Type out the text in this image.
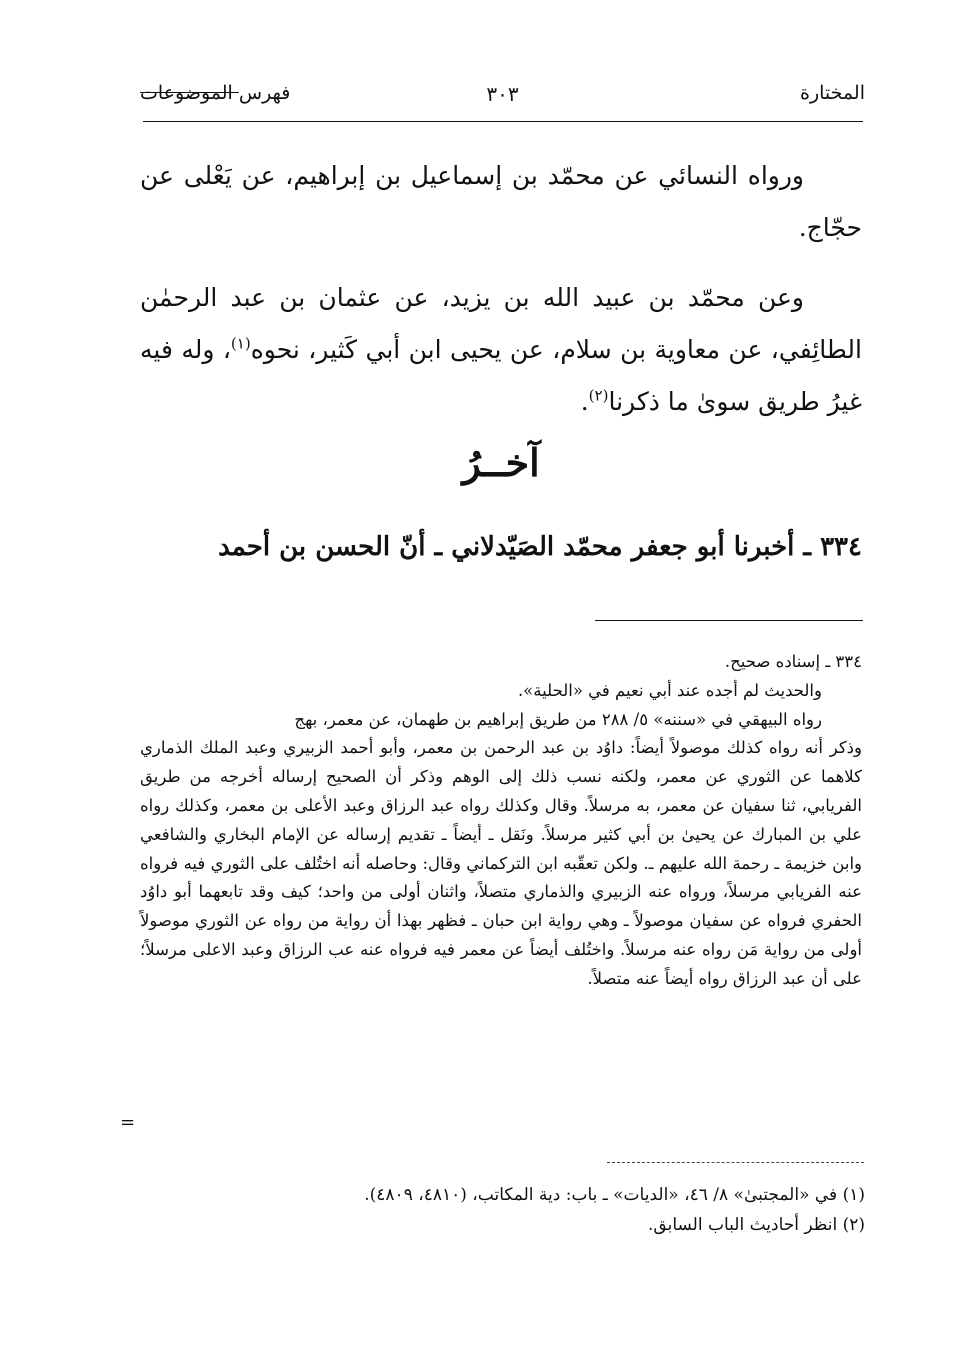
المختارة
٣٠٣
فهرس الموضوعات

ورواه النسائي عن محمّد بن إسماعيل بن إبراهيم، عن يَعْلى عن حجّاج.

وعن محمّد بن عبيد الله بن يزيد، عن عثمان بن عبد الرحمٰن الطائِفي، عن معاوية بن سلام، عن يحيى ابن أبي كَثير، نحوه$^{(١)}$، وله فيه غيرُ طريق سوىٰ ما ذكرنا$^{(٢)}$.

آخــرُ
٣٣٤ ـ أخبرنا أبو جعفر محمّد الصَيّدلاني ـ أنّ الحسن بن أحمد
٣٣٤ ـ إسناده صحيح.
والحديث لم أجده عند أبي نعيم في «الحلية».
رواه البيهقي في «سننه» ٥/ ٢٨٨ من طريق إبراهيم بن طهمان، عن معمر، بهج
وذكر أنه رواه كذلك موصولاً أيضاً: داوُد بن عبد الرحمن بن معمر، وأبو أحمد الزبيري وعبد الملك الذماري كلاهما عن الثوري عن معمر، ولكنه نسب ذلك إلى الوهم وذكر أن الصحيح إرساله أخرجه من طريق الفريابي، ثنا سفيان عن معمر، به مرسلاً. وقال وكذلك رواه عبد الرزاق وعبد الأعلى بن معمر، وكذلك رواه علي بن المبارك عن يحيىٰ بن أبي كثير مرسلاً. ونَقل ـ أيضاً ـ تقديم إرساله عن الإمام البخاري والشافعي وابن خزيمة ـ رحمة الله عليهم ـ. ولكن تعقّبه ابن التركماني وقال: وحاصله أنه اختُلف على الثوري فيه فرواه عنه الفريابي مرسلاً، ورواه عنه الزبيري والذماري متصلاً، واثنان أولى من واحد؛ كيف وقد تابعهما أبو داوُد الحفري فرواه عن سفيان موصولاً ـ وهي رواية ابن حبان ـ فظهر بهذا أن رواية من رواه عن الثوري موصولاً أولى من رواية مَن رواه عنه مرسلاً. واختُلف أيضاً عن معمر فيه فرواه عنه عب الرزاق وعبد الاعلى مرسلاً؛ على أن عبد الرزاق رواه أيضاً عنه متصلاً.
=
(١) في «المجتبىٰ» ٨/ ٤٦، «الديات» ـ باب: دية المكاتب، (٤٨١٠، ٤٨٠٩).
(٢) انظر أحاديث الباب السابق.
